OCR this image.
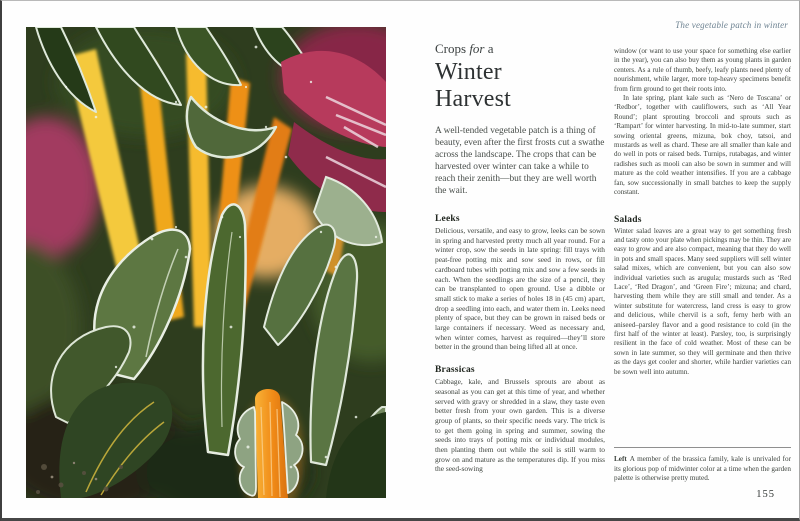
The vegetable patch in winter

Crops for a

Winter
Harvest

A well-tended vegetable patch is a thing of beauty, even after the first frosts cut a swathe across the landscape. The crops that can be harvested over winter can take a while to reach their zenith—but they are well worth the wait.

Leeks

Delicious, versatile, and easy to grow, leeks can be sown in spring and harvested pretty much all year round. For a winter crop, sow the seeds in late spring: fill trays with peat-free potting mix and sow seed in rows, or fill cardboard tubes with potting mix and sow a few seeds in each. When the seedlings are the size of a pencil, they can be transplanted to open ground. Use a dibble or small stick to make a series of holes 18 in (45 cm) apart, drop a seedling into each, and water them in. Leeks need plenty of space, but they can be grown in raised beds or large containers if necessary. Weed as necessary and, when winter comes, harvest as required—they’ll store better in the ground than being lifted all at once.

Brassicas

Cabbage, kale, and Brussels sprouts are about as seasonal as you can get at this time of year, and whether served with gravy or shredded in a slaw, they taste even better fresh from your own garden. This is a diverse group of plants, so their specific needs vary. The trick is to get them going in spring and summer, sowing the seeds into trays of potting mix or individual modules, then planting them out while the soil is still warm to grow on and mature as the temperatures dip. If you miss the seed-sowing

window (or want to use your space for something else earlier in the year), you can also buy them as young plants in garden centers. As a rule of thumb, beefy, leafy plants need plenty of nourishment, while larger, more top-heavy specimens benefit from firm ground to get their roots into.

In late spring, plant kale such as ‘Nero de Toscana’ or ‘Redbor’, together with cauliflowers, such as ‘All Year Round’; plant sprouting broccoli and sprouts such as ‘Rampart’ for winter harvesting. In mid-to-late summer, start sowing oriental greens, mizuna, bok choy, tatsoi, and mustards as well as chard. These are all smaller than kale and do well in pots or raised beds. Turnips, rutabagas, and winter radishes such as mooli can also be sown in summer and will mature as the cold weather intensifies. If you are a cabbage fan, sow successionally in small batches to keep the supply constant.

Salads

Winter salad leaves are a great way to get something fresh and tasty onto your plate when pickings may be thin. They are easy to grow and are also compact, meaning that they do well in pots and small spaces. Many seed suppliers will sell winter salad mixes, which are convenient, but you can also sow individual varieties such as arugula; mustards such as ‘Red Lace’, ‘Red Dragon’, and ‘Green Fire’; mizuna; and chard, harvesting them while they are still small and tender. As a winter substitute for watercress, land cress is easy to grow and delicious, while chervil is a soft, ferny herb with an aniseed–parsley flavor and a good resistance to cold (in the first half of the winter at least). Parsley, too, is surprisingly resilient in the face of cold weather. Most of these can be sown in late summer, so they will germinate and then thrive as the days get cooler and shorter, while hardier varieties can be sown well into autumn.

Left A member of the brassica family, kale is unrivaled for its glorious pop of midwinter color at a time when the garden palette is otherwise pretty muted.

155
